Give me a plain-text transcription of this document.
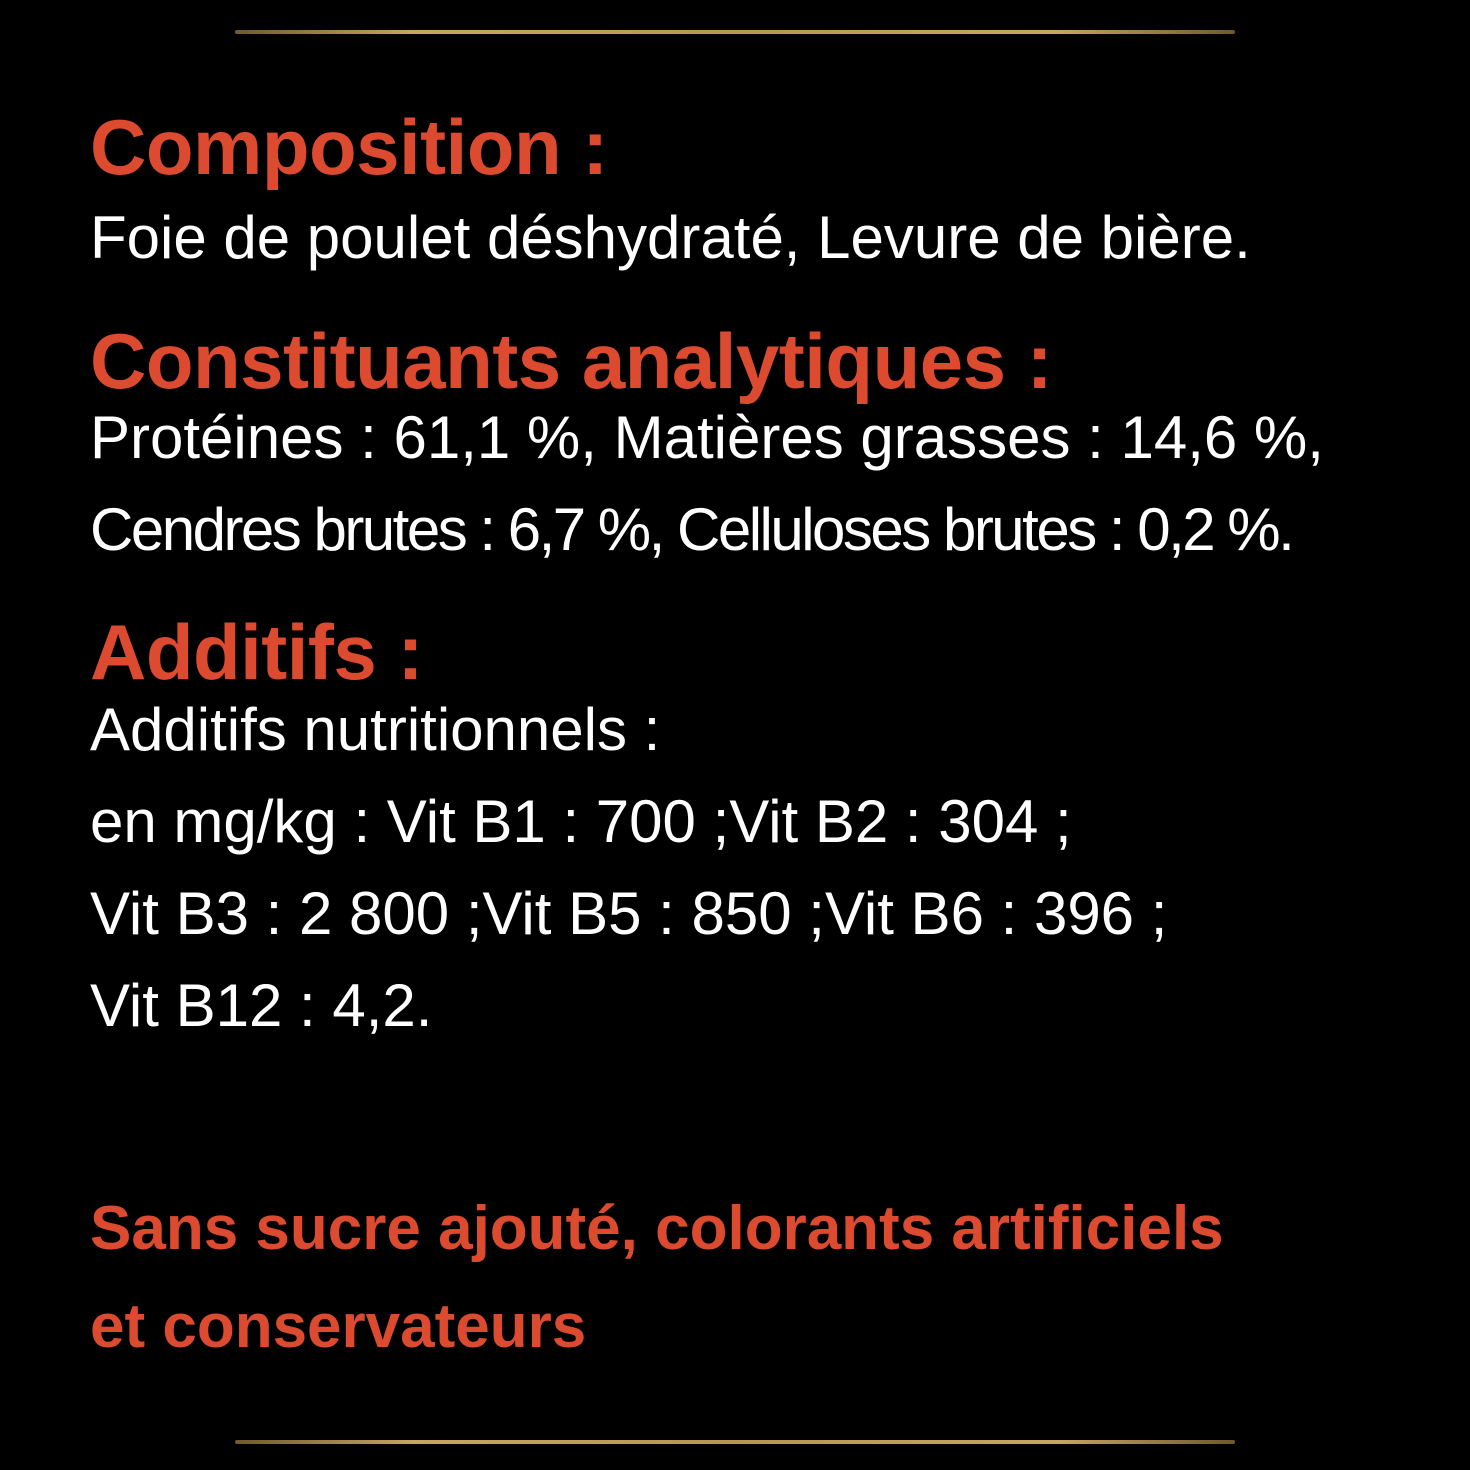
Composition :

Foie de poulet déshydraté, Levure de bière.

Constituants analytiques :

Protéines : 61,1 %, Matières grasses : 14,6 %,

Cendres brutes : 6,7 %, Celluloses brutes : 0,2 %.

Additifs :

Additifs nutritionnels :

en mg/kg : Vit B1 : 700 ;Vit B2 : 304 ;

Vit B3 : 2 800 ;Vit B5 : 850 ;Vit B6 : 396 ;

Vit B12 : 4,2.

Sans sucre ajouté, colorants artificiels

et conservateurs
